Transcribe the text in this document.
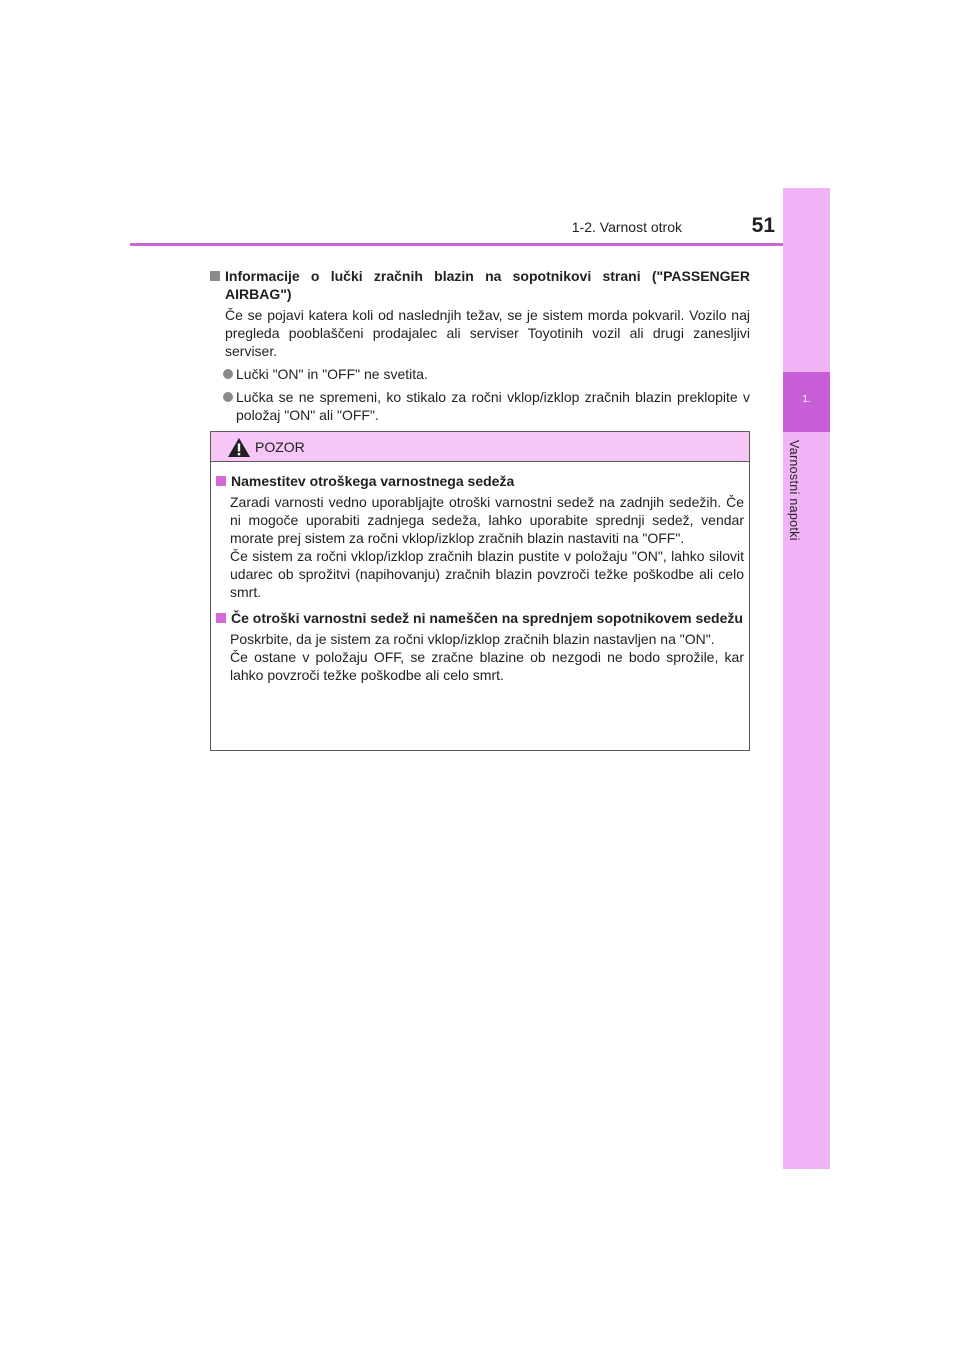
1-2. Varnost otrok	51
1.
Varnostni napotki
Informacije o lučki zračnih blazin na sopotnikovi strani ("PASSENGER AIRBAG")
Če se pojavi katera koli od naslednjih težav, se je sistem morda pokvaril. Vozilo naj pregleda pooblaščeni prodajalec ali serviser Toyotinih vozil ali drugi zanesljivi serviser.
Lučki "ON" in "OFF" ne svetita.
Lučka se ne spremeni, ko stikalo za ročni vklop/izklop zračnih blazin preklopite v položaj "ON" ali "OFF".
POZOR
Namestitev otroškega varnostnega sedeža
Zaradi varnosti vedno uporabljajte otroški varnostni sedež na zadnjih sedežih. Če ni mogoče uporabiti zadnjega sedeža, lahko uporabite sprednji sedež, vendar morate prej sistem za ročni vklop/izklop zračnih blazin nastaviti na "OFF".
Če sistem za ročni vklop/izklop zračnih blazin pustite v položaju "ON", lahko silovit udarec ob sprožitvi (napihovanju) zračnih blazin povzroči težke poškodbe ali celo smrt.
Če otroški varnostni sedež ni nameščen na sprednjem sopotnikovem sedežu
Poskrbite, da je sistem za ročni vklop/izklop zračnih blazin nastavljen na "ON".
Če ostane v položaju OFF, se zračne blazine ob nezgodi ne bodo sprožile, kar lahko povzroči težke poškodbe ali celo smrt.
